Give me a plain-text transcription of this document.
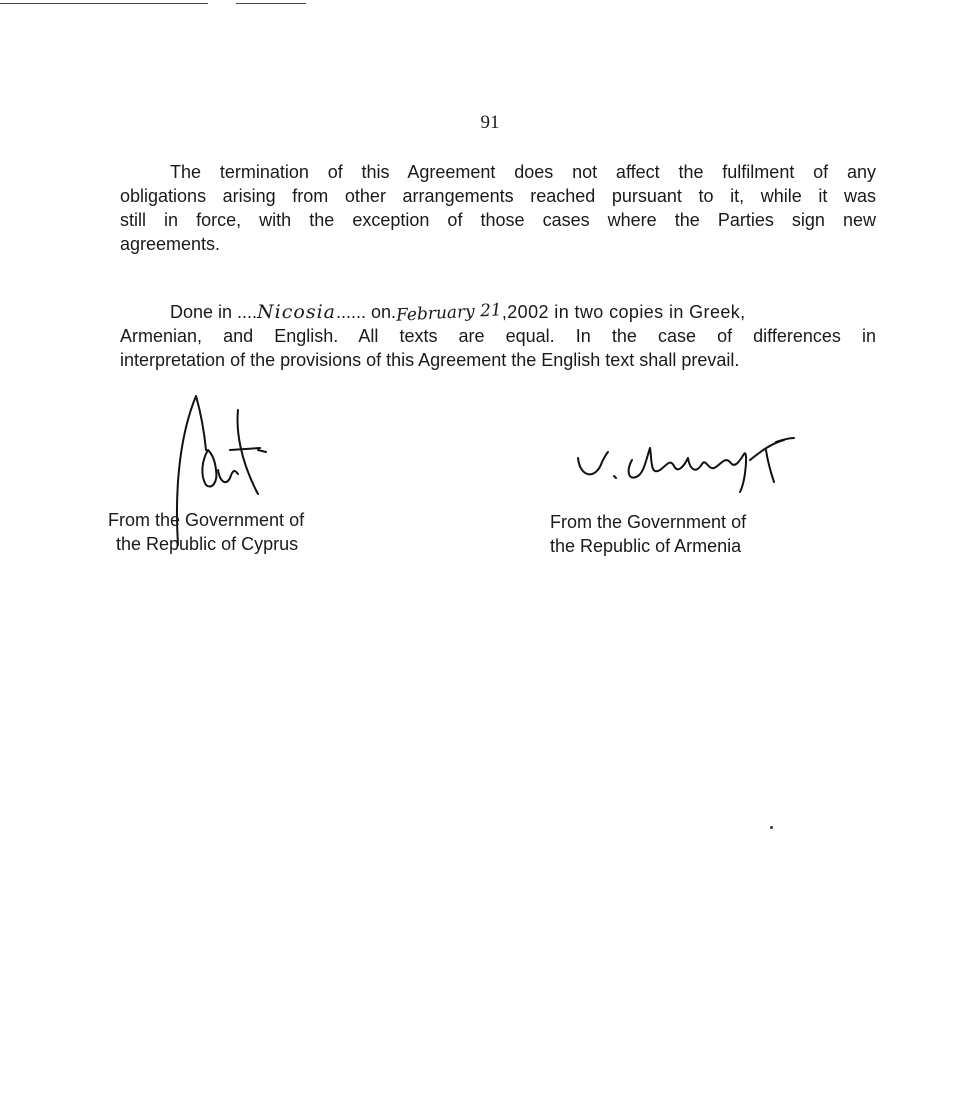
91
The termination of this Agreement does not affect the fulfilment of any
obligations arising from other arrangements reached pursuant to it, while it was
still in force, with the exception of those cases where the Parties sign new
agreements.
Done in ....Nicosia...... on.February 21,2002 in two copies in Greek,
Armenian, and English. All texts are equal. In the case of differences in
interpretation of the provisions of this Agreement the English text shall prevail.
From the Government of
the Republic of Cyprus
From the Government of
the Republic of Armenia
